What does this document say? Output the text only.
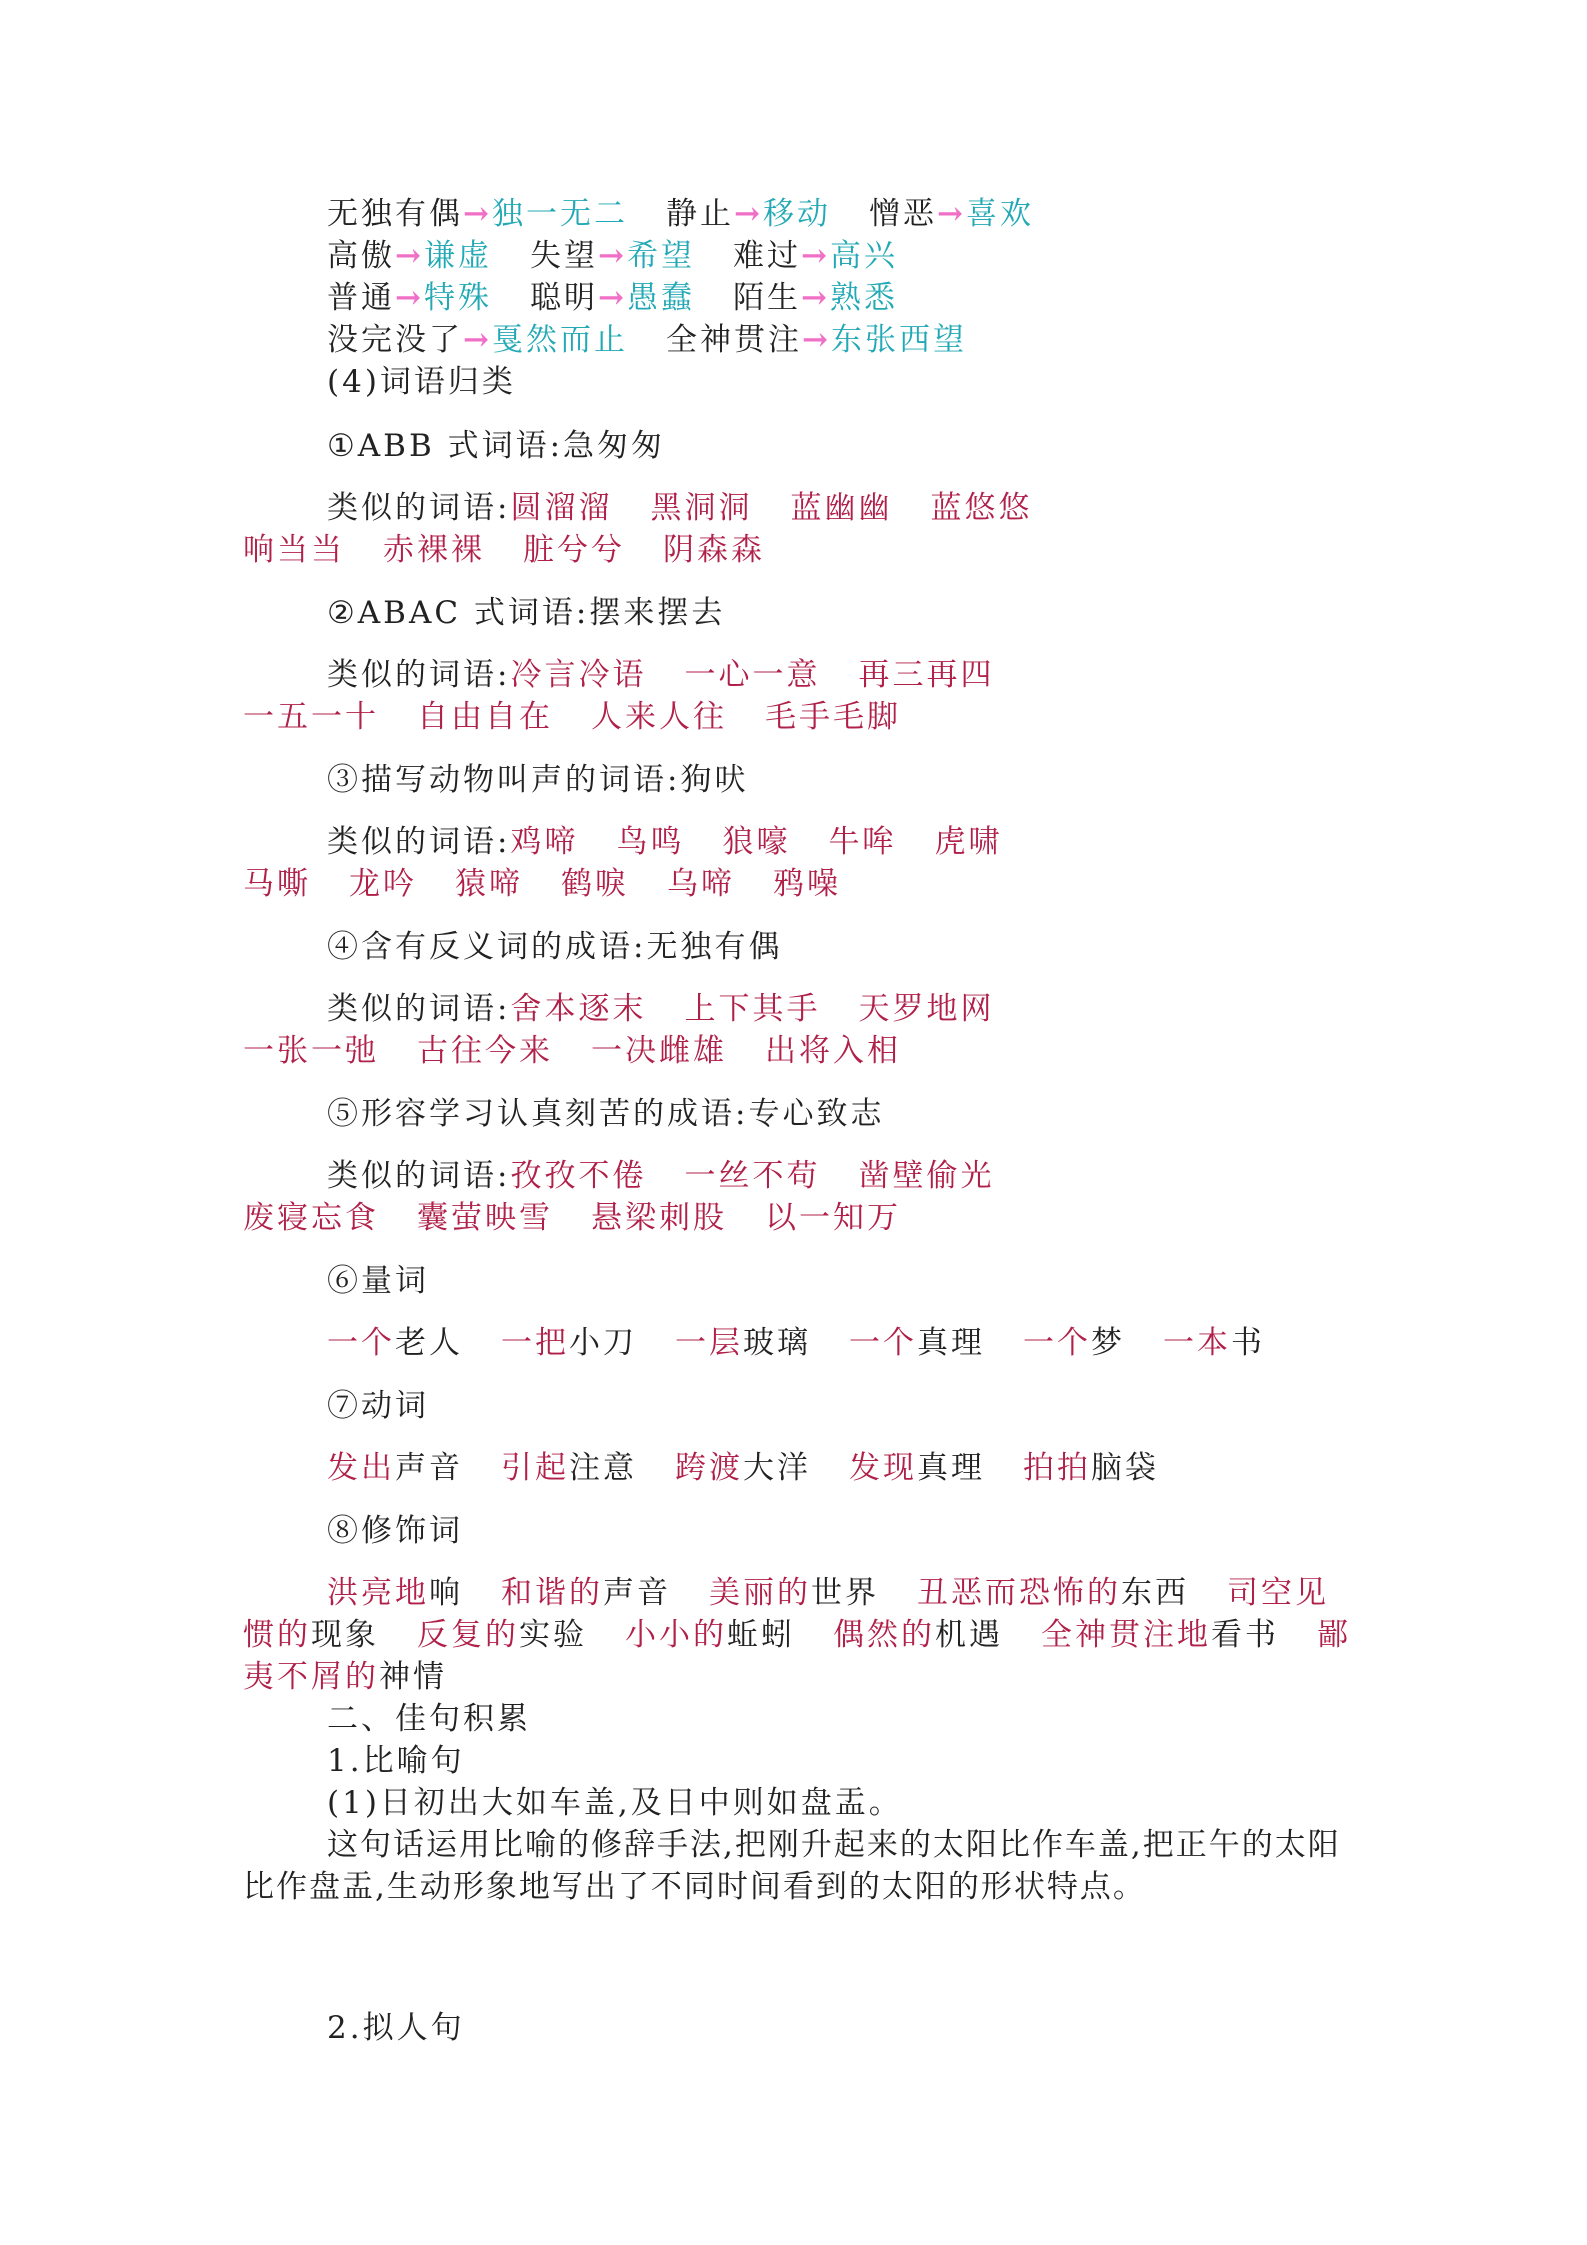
无独有偶→独一无二 静止→移动 憎恶→喜欢
高傲→谦虚 失望→希望 难过→高兴
普通→特殊 聪明→愚蠢 陌生→熟悉
没完没了→戛然而止 全神贯注→东张西望
(4)词语归类
①ABB 式词语:急匆匆
类似的词语:圆溜溜 黑洞洞 蓝幽幽 蓝悠悠
响当当 赤裸裸 脏兮兮 阴森森
②ABAC 式词语:摆来摆去
类似的词语:冷言冷语 一心一意 再三再四
一五一十 自由自在 人来人往 毛手毛脚
③描写动物叫声的词语:狗吠
类似的词语:鸡啼 鸟鸣 狼嚎 牛哞 虎啸
马嘶 龙吟 猿啼 鹤唳 乌啼 鸦噪
④含有反义词的成语:无独有偶
类似的词语:舍本逐末 上下其手 天罗地网
一张一弛 古往今来 一决雌雄 出将入相
⑤形容学习认真刻苦的成语:专心致志
类似的词语:孜孜不倦 一丝不苟 凿壁偷光
废寝忘食 囊萤映雪 悬梁刺股 以一知万
⑥量词
一个老人 一把小刀 一层玻璃 一个真理 一个梦 一本书
⑦动词
发出声音 引起注意 跨渡大洋 发现真理 拍拍脑袋
⑧修饰词
洪亮地响 和谐的声音 美丽的世界 丑恶而恐怖的东西 司空见惯的现象 反复的实验 小小的蚯蚓 偶然的机遇 全神贯注地看书 鄙夷不屑的神情
二、佳句积累
1.比喻句
(1)日初出大如车盖,及日中则如盘盂。
这句话运用比喻的修辞手法,把刚升起来的太阳比作车盖,把正午的太阳比作盘盂,生动形象地写出了不同时间看到的太阳的形状特点。
2.拟人句
